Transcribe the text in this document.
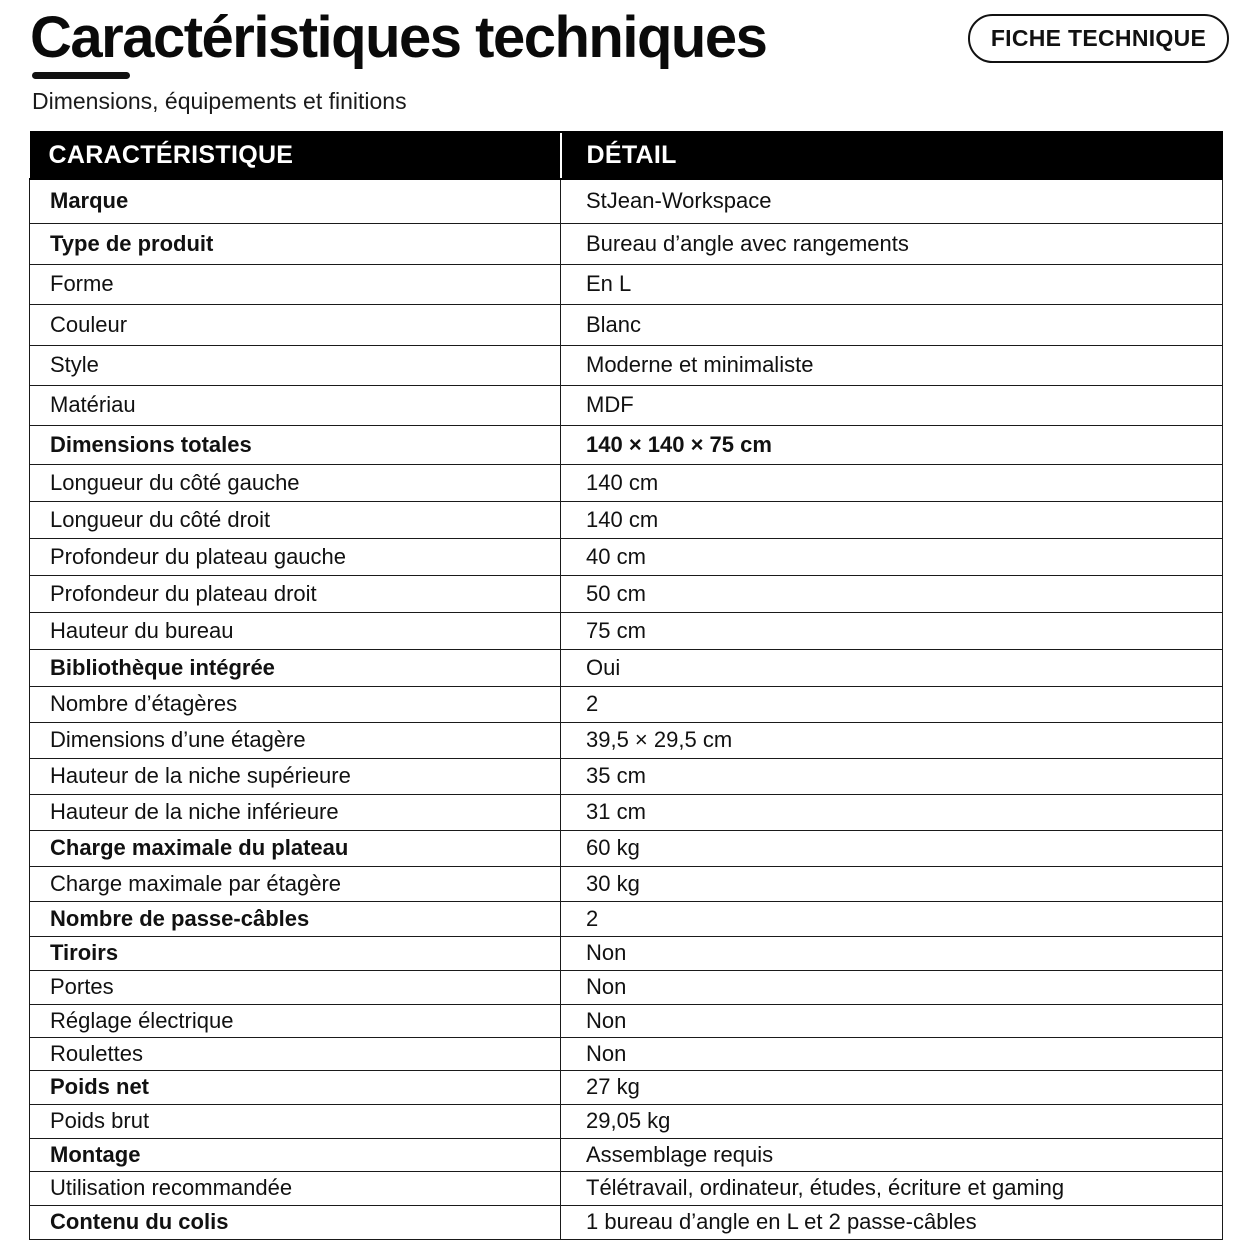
Caractéristiques techniques
Dimensions, équipements et finitions
FICHE TECHNIQUE
CARACTÉRISTIQUE	DÉTAIL
Marque	StJean-Workspace
Type de produit	Bureau d’angle avec rangements
Forme	En L
Couleur	Blanc
Style	Moderne et minimaliste
Matériau	MDF
Dimensions totales	140 × 140 × 75 cm
Longueur du côté gauche	140 cm
Longueur du côté droit	140 cm
Profondeur du plateau gauche	40 cm
Profondeur du plateau droit	50 cm
Hauteur du bureau	75 cm
Bibliothèque intégrée	Oui
Nombre d’étagères	2
Dimensions d’une étagère	39,5 × 29,5 cm
Hauteur de la niche supérieure	35 cm
Hauteur de la niche inférieure	31 cm
Charge maximale du plateau	60 kg
Charge maximale par étagère	30 kg
Nombre de passe-câbles	2
Tiroirs	Non
Portes	Non
Réglage électrique	Non
Roulettes	Non
Poids net	27 kg
Poids brut	29,05 kg
Montage	Assemblage requis
Utilisation recommandée	Télétravail, ordinateur, études, écriture et gaming
Contenu du colis	1 bureau d’angle en L et 2 passe-câbles
